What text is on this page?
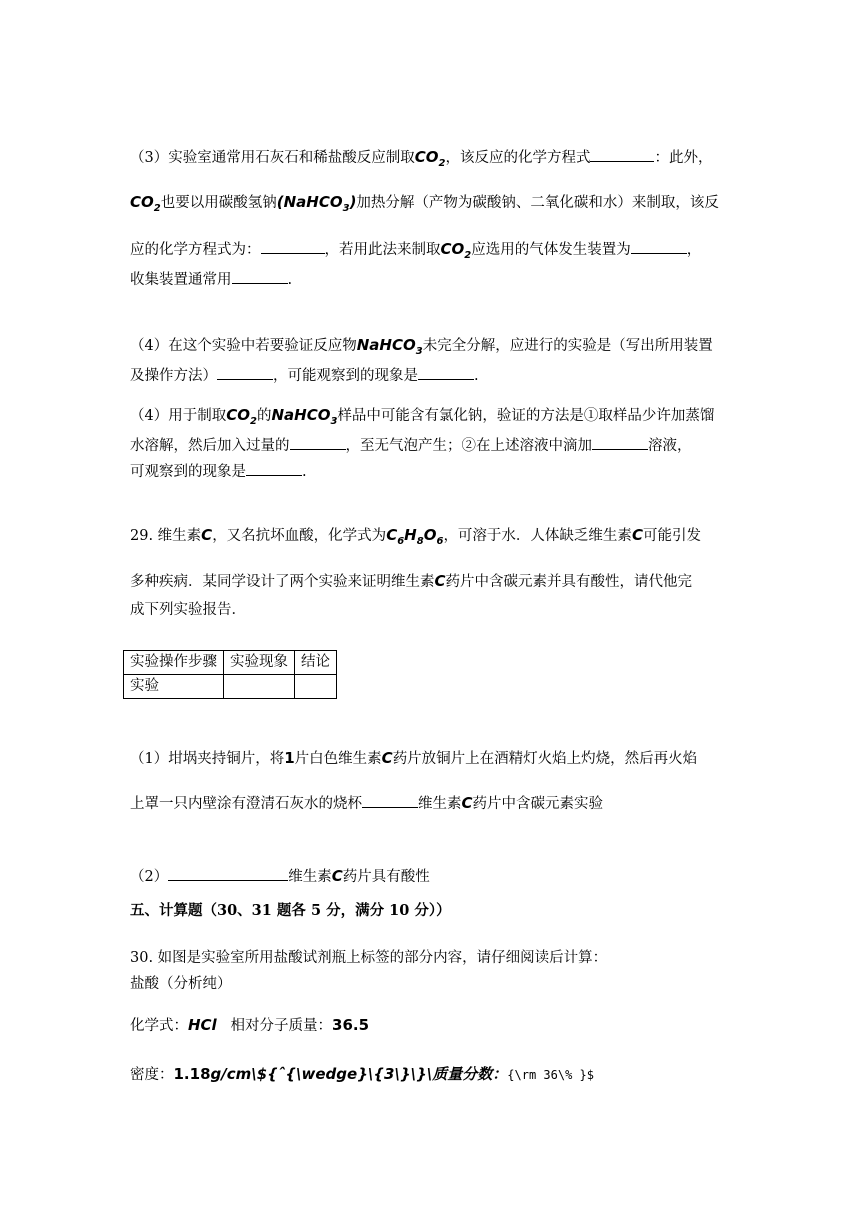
（3）实验室通常用石灰石和稀盐酸反应制取$CO_2$，该反应的化学方程式	：此外，
$CO_2$也要以用碳酸氢钠(NaHCO$_3$)加热分解（产物为碳酸钠、二氧化碳和水）来制取，该反
应的化学方程式为：	，若用此法来制取$CO_2$应选用的气体发生装置为	，
收集装置通常用	.
（4）在这个实验中若要验证反应物NaHCO$_3$未完全分解，应进行的实验是（写出所用装置
及操作方法）	，可能观察到的现象是	.
（4）用于制取$CO_2$的NaHCO$_3$样品中可能含有氯化钠，验证的方法是①取样品少许加蒸馏
水溶解，然后加入过量的	，至无气泡产生；②在上述溶液中滴加	溶液，
可观察到的现象是	.
29. 维生素C，又名抗坏血酸，化学式为$C_6H_8O_6$，可溶于水．人体缺乏维生素C可能引发
多种疾病．某同学设计了两个实验来证明维生素C药片中含碳元素并具有酸性，请代他完
成下列实验报告．
实验操作步骤	实验现象	结论
实验		
（1）坩埚夹持铜片，将1片白色维生素C药片放铜片上在酒精灯火焰上灼烧，然后再火焰
上罩一只内壁涂有澄清石灰水的烧杯	维生素C药片中含碳元素实验
（2）	维生素C药片具有酸性
五、计算题（30、31 题各 5 分，满分 10 分））
30. 如图是实验室所用盐酸试剂瓶上标签的部分内容，请仔细阅读后计算：
盐酸（分析纯）
化学式：HCl 相对分子质量：36.5
密度：1.18g/cm\${ˆ{\wedge}\{3\}\}\质量分数：{\rm 36\% }$
